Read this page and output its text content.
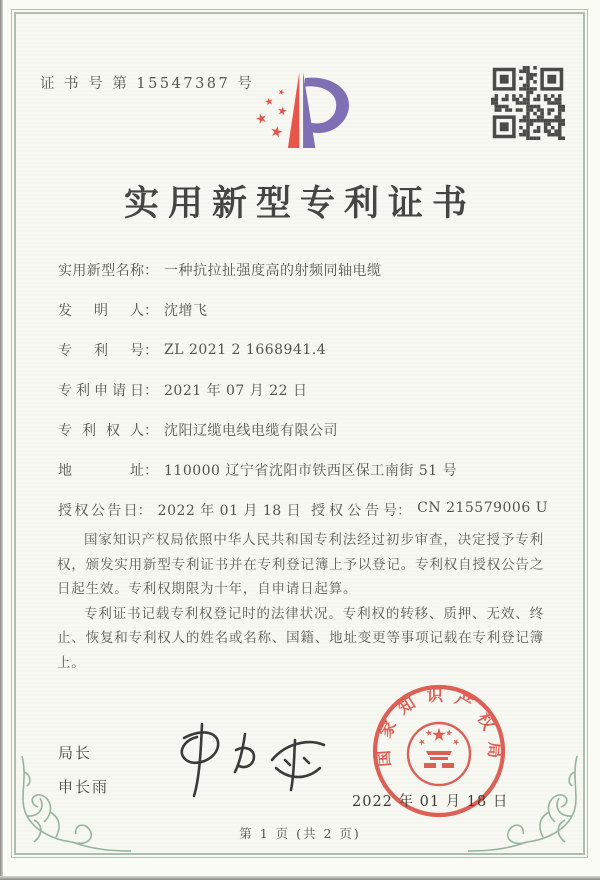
证 书 号 第 15547387 号
实用新型专利证书
实用新型名称 ： 一种抗拉扯强度高的射频同轴电缆
发明人 ： 沈增飞
专利号 ： ZL 2021 2 1668941.4
专利申请日 ： 2021 年 07 月 22 日
专利权人 ： 沈阳辽缆电线电缆有限公司
地址 ： 110000 辽宁省沈阳市铁西区保工南街 51 号
授权公告日 ： 2022 年 01 月 18 日 授权公告号 ： CN 215579006 U

国家知识产权局依照中华人民共和国专利法经过初步审查，决定授予专利权，颁发实用新型专利证书并在专利登记簿上予以登记。专利权自授权公告之日起生效。专利权期限为十年，自申请日起算。

专利证书记载专利权登记时的法律状况。专利权的转移、质押、无效、终止、恢复和专利权人的姓名或名称、国籍、地址变更等事项记载在专利登记簿上。

局长
申长雨
国家知识产权局
2022 年 01 月 18 日
第 1 页 (共 2 页)
